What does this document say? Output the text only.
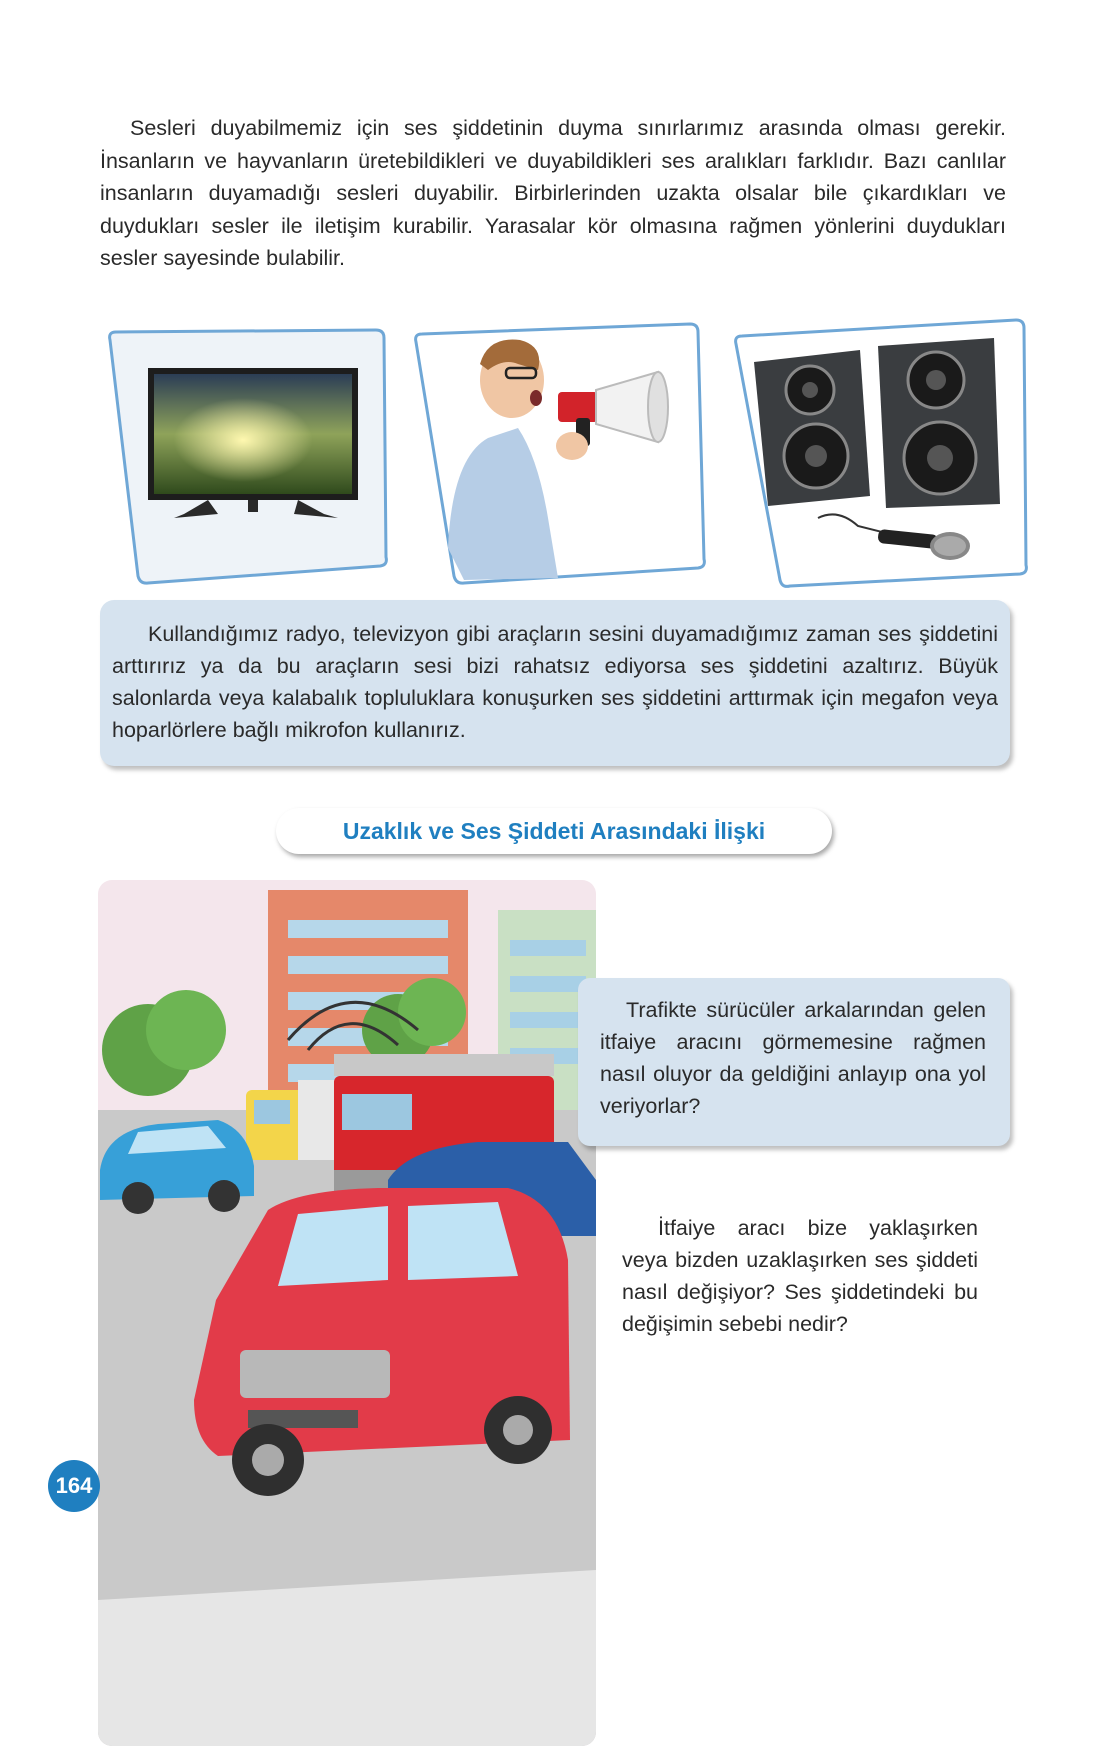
Sesleri duyabilmemiz için ses şiddetinin duyma sınırlarımız arasında olması gerekir. İnsanların ve hayvanların üretebildikleri ve duyabildikleri ses aralıkları farklıdır. Bazı canlılar insanların duyamadığı sesleri duyabilir. Birbirlerinden uzakta olsalar bile çıkardıkları ve duydukları sesler ile iletişim kurabilir. Yarasalar kör olmasına rağmen yönlerini duydukları sesler sayesinde bulabilir.

Kullandığımız radyo, televizyon gibi araçların sesini duyamadığımız zaman ses şiddetini arttırırız ya da bu araçların sesi bizi rahatsız ediyorsa ses şiddetini azaltırız. Büyük salonlarda veya kalabalık topluluklara konuşurken ses şiddetini arttırmak için megafon veya hoparlörlere bağlı mikrofon kullanırız.

Uzaklık ve Ses Şiddeti Arasındaki İlişki

Trafikte sürücüler arkalarından gelen itfaiye aracını görmemesine rağmen nasıl oluyor da geldiğini anlayıp ona yol veriyorlar?

İtfaiye aracı bize yaklaşırken veya bizden uzaklaşırken ses şiddeti nasıl değişiyor? Ses şiddetindeki bu değişimin sebebi nedir?

164
